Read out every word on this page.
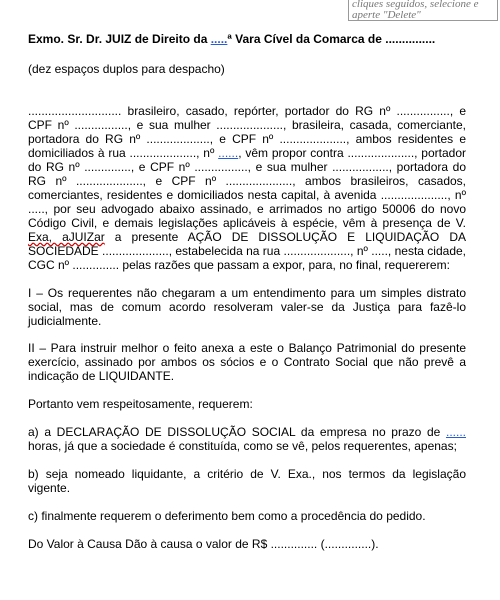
cliques seguidos, selecione e
aperte "Delete"

Exmo. Sr. Dr. JUIZ de Direito da .....ª Vara Cível da Comarca de ...............

(dez espaços duplos para despacho)

............................ brasileiro, casado, repórter, portador do RG nº ................, e CPF nº ................, e sua mulher ...................., brasileira, casada, comerciante, portadora do RG nº ..................., e CPF nº ...................., ambos residentes e domiciliados à rua ...................., nº ......, vêm propor contra ...................., portador do RG nº .............., e CPF nº ................, e sua mulher ................., portadora do RG nº ...................., e CPF nº ...................., ambos brasileiros, casados, comerciantes, residentes e domiciliados nesta capital, à avenida ...................., nº ....., por seu advogado abaixo assinado, e arrimados no artigo 50006 do novo Código Civil, e demais legislações aplicáveis à espécie, vêm à presença de V. Exa, aJUIZar a presente AÇÃO DE DISSOLUÇÃO E LIQUIDAÇÃO DA SOCIEDADE ...................., estabelecida na rua ...................., nº ....., nesta cidade, CGC nº .............. pelas razões que passam a expor, para, no final, requererem:

I – Os requerentes não chegaram a um entendimento para um simples distrato social, mas de comum acordo resolveram valer-se da Justiça para fazê-lo judicialmente.

II – Para instruir melhor o feito anexa a este o Balanço Patrimonial do presente exercício, assinado por ambos os sócios e o Contrato Social que não prevê a indicação de LIQUIDANTE.

Portanto vem respeitosamente, requerem:

a) a DECLARAÇÃO DE DISSOLUÇÃO SOCIAL da empresa no prazo de ...... horas, já que a sociedade é constituída, como se vê, pelos requerentes, apenas;

b) seja nomeado liquidante, a critério de V. Exa., nos termos da legislação vigente.

c) finalmente requerem o deferimento bem como a procedência do pedido.

Do Valor à Causa Dão à causa o valor de R$ .............. (..............).
